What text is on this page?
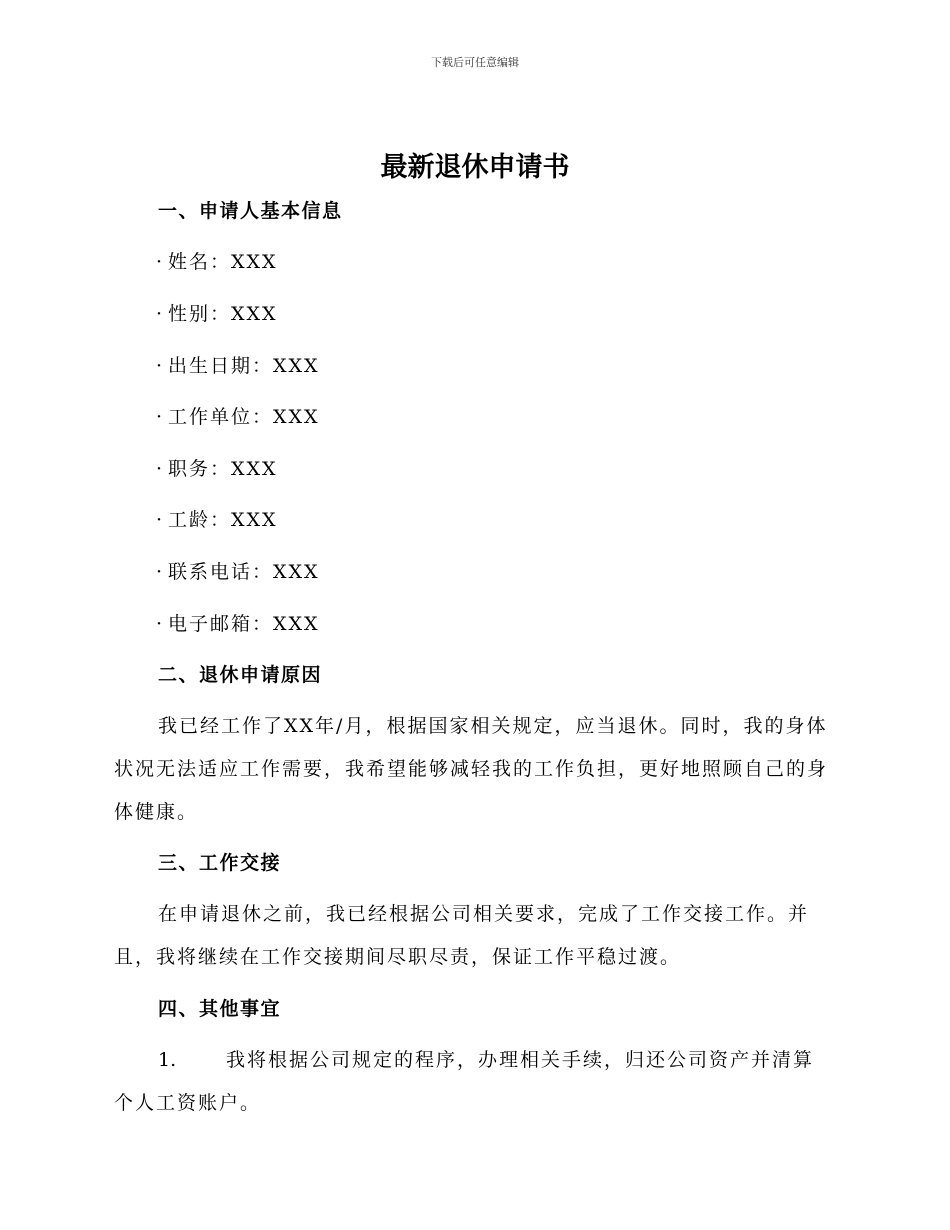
下载后可任意编辑
最新退休申请书
一、申请人基本信息
· 姓名：XXX
· 性别：XXX
· 出生日期：XXX
· 工作单位：XXX
· 职务：XXX
· 工龄：XXX
· 联系电话：XXX
· 电子邮箱：XXX
二、退休申请原因
我已经工作了XX年/月，根据国家相关规定，应当退休。同时，我的身体状况无法适应工作需要，我希望能够减轻我的工作负担，更好地照顾自己的身体健康。
三、工作交接
在申请退休之前，我已经根据公司相关要求，完成了工作交接工作。并且，我将继续在工作交接期间尽职尽责，保证工作平稳过渡。
四、其他事宜
1.	我将根据公司规定的程序，办理相关手续，归还公司资产并清算个人工资账户。
